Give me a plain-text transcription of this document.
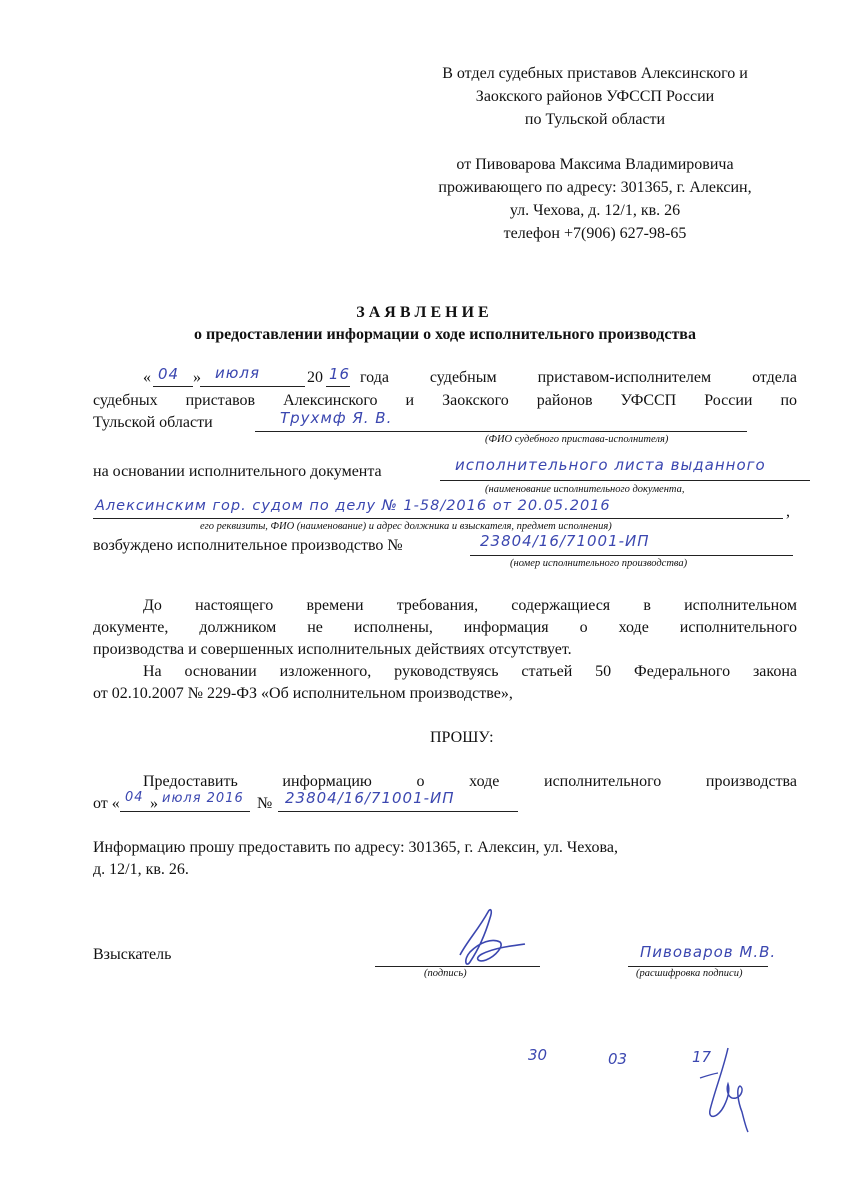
В отдел судебных приставов Алексинского и
Заокского районов УФССП России
по Тульской области
от Пивоварова Максима Владимировича
проживающего по адресу: 301365, г. Алексин,
ул. Чехова, д. 12/1, кв. 26
телефон +7(906) 627-98-65
З А Я В Л Е Н И Е
о предоставлении информации о ходе исполнительного производства
« 04 » июля	20 16 года судебным приставом-исполнителем отдела
судебных приставов Алексинского и Заокского районов УФССП России по
Тульской области	Трухмф Я. В.
(ФИО судебного пристава-исполнителя)
на основании исполнительного документа	исполнительного листа выданного
(наименование исполнительного документа,
Алексинским гор. судом по делу № 1-58/2016 от 20.05.2016	,
его реквизиты, ФИО (наименование) и адрес должника и взыскателя, предмет исполнения)
возбуждено исполнительное производство №	23804/16/71001-ИП
(номер исполнительного производства)
До настоящего времени требования, содержащиеся в исполнительном
документе, должником не исполнены, информация о ходе исполнительного
производства и совершенных исполнительных действиях отсутствует.
На основании изложенного, руководствуясь статьей 50 Федерального закона
от 02.10.2007 № 229-ФЗ «Об исполнительном производстве»,
ПРОШУ:
Предоставить информацию о ходе исполнительного производства
от « 04 » июля 2016 № 23804/16/71001-ИП
Информацию прошу предоставить по адресу: 301365, г. Алексин, ул. Чехова,
д. 12/1, кв. 26.
Взыскатель
(подпись)
Пивоваров М.В.
(расшифровка подписи)
30	03	17
